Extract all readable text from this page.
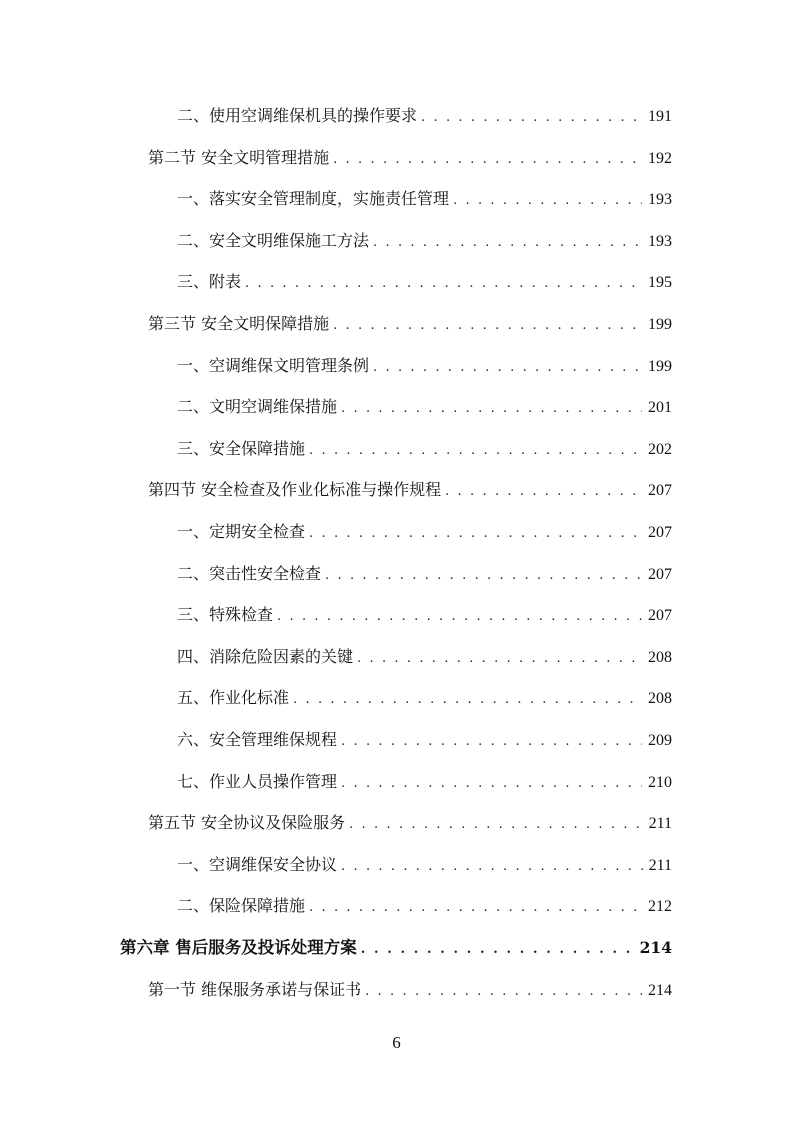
二、使用空调维保机具的操作要求 . . .	191
第二节 安全文明管理措施 . . .	192
一、落实安全管理制度，实施责任管理 . . .	193
二、安全文明维保施工方法 . . .	193
三、附表 . . .	195
第三节 安全文明保障措施 . . .	199
一、空调维保文明管理条例 . . .	199
二、文明空调维保措施 . . .	201
三、安全保障措施 . . .	202
第四节 安全检查及作业化标准与操作规程 . . .	207
一、定期安全检查 . . .	207
二、突击性安全检查 . . .	207
三、特殊检查 . . .	207
四、消除危险因素的关键 . . .	208
五、作业化标准 . . .	208
六、安全管理维保规程 . . .	209
七、作业人员操作管理 . . .	210
第五节 安全协议及保险服务 . . .	211
一、空调维保安全协议 . . .	211
二、保险保障措施 . . .	212
第六章 售后服务及投诉处理方案 . . .	214
第一节 维保服务承诺与保证书 . . .	214
6
